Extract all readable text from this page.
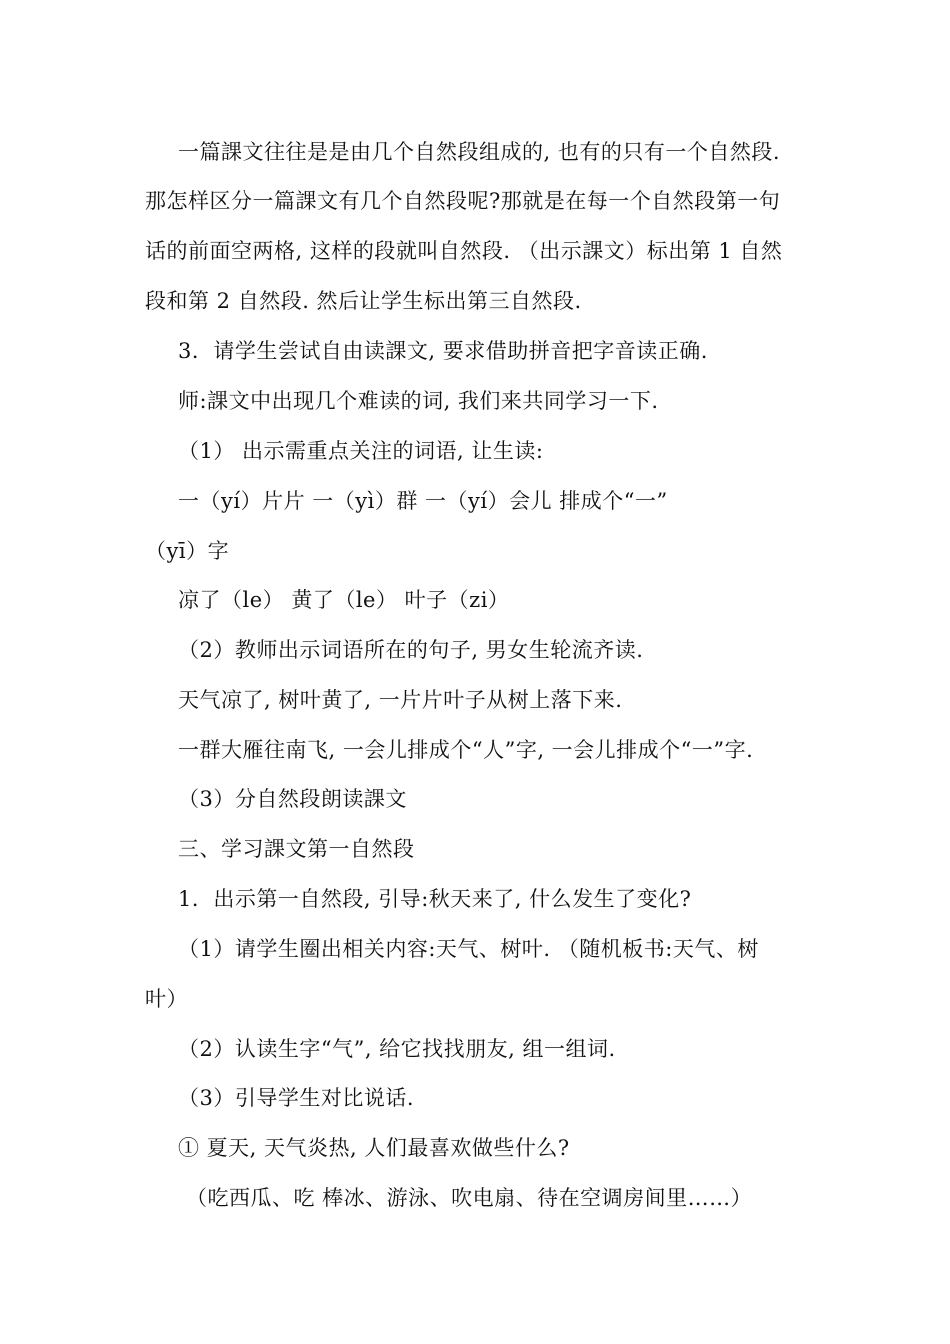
一篇課文往往是是由几个自然段组成的, 也有的只有一个自然段.
那怎样区分一篇課文有几个自然段呢?那就是在每一个自然段第一句
话的前面空两格, 这样的段就叫自然段. （出示課文）标出第 1 自然
段和第 2 自然段. 然后让学生标出第三自然段.
3．请学生尝试自由读課文, 要求借助拼音把字音读正确.
师:課文中出现几个难读的词, 我们来共同学习一下.
（1） 出示需重点关注的词语, 让生读:
一（yí）片片 一（yì）群 一（yí）会儿 排成个“一”
（yī）字
凉了（le） 黄了（le） 叶子（zi）
（2）教师出示词语所在的句子, 男女生轮流齐读.
天气凉了, 树叶黄了, 一片片叶子从树上落下来.
一群大雁往南飞, 一会儿排成个“人”字, 一会儿排成个“一”字.
（3）分自然段朗读課文
三、学习課文第一自然段
1．出示第一自然段, 引导:秋天来了, 什么发生了变化?
（1）请学生圈出相关内容:天气、树叶. （随机板书:天气、树
叶）
（2）认读生字“气”, 给它找找朋友, 组一组词.
（3）引导学生对比说话.
① 夏天, 天气炎热, 人们最喜欢做些什么?
（吃西瓜、吃 棒冰、游泳、吹电扇、待在空调房间里……）
